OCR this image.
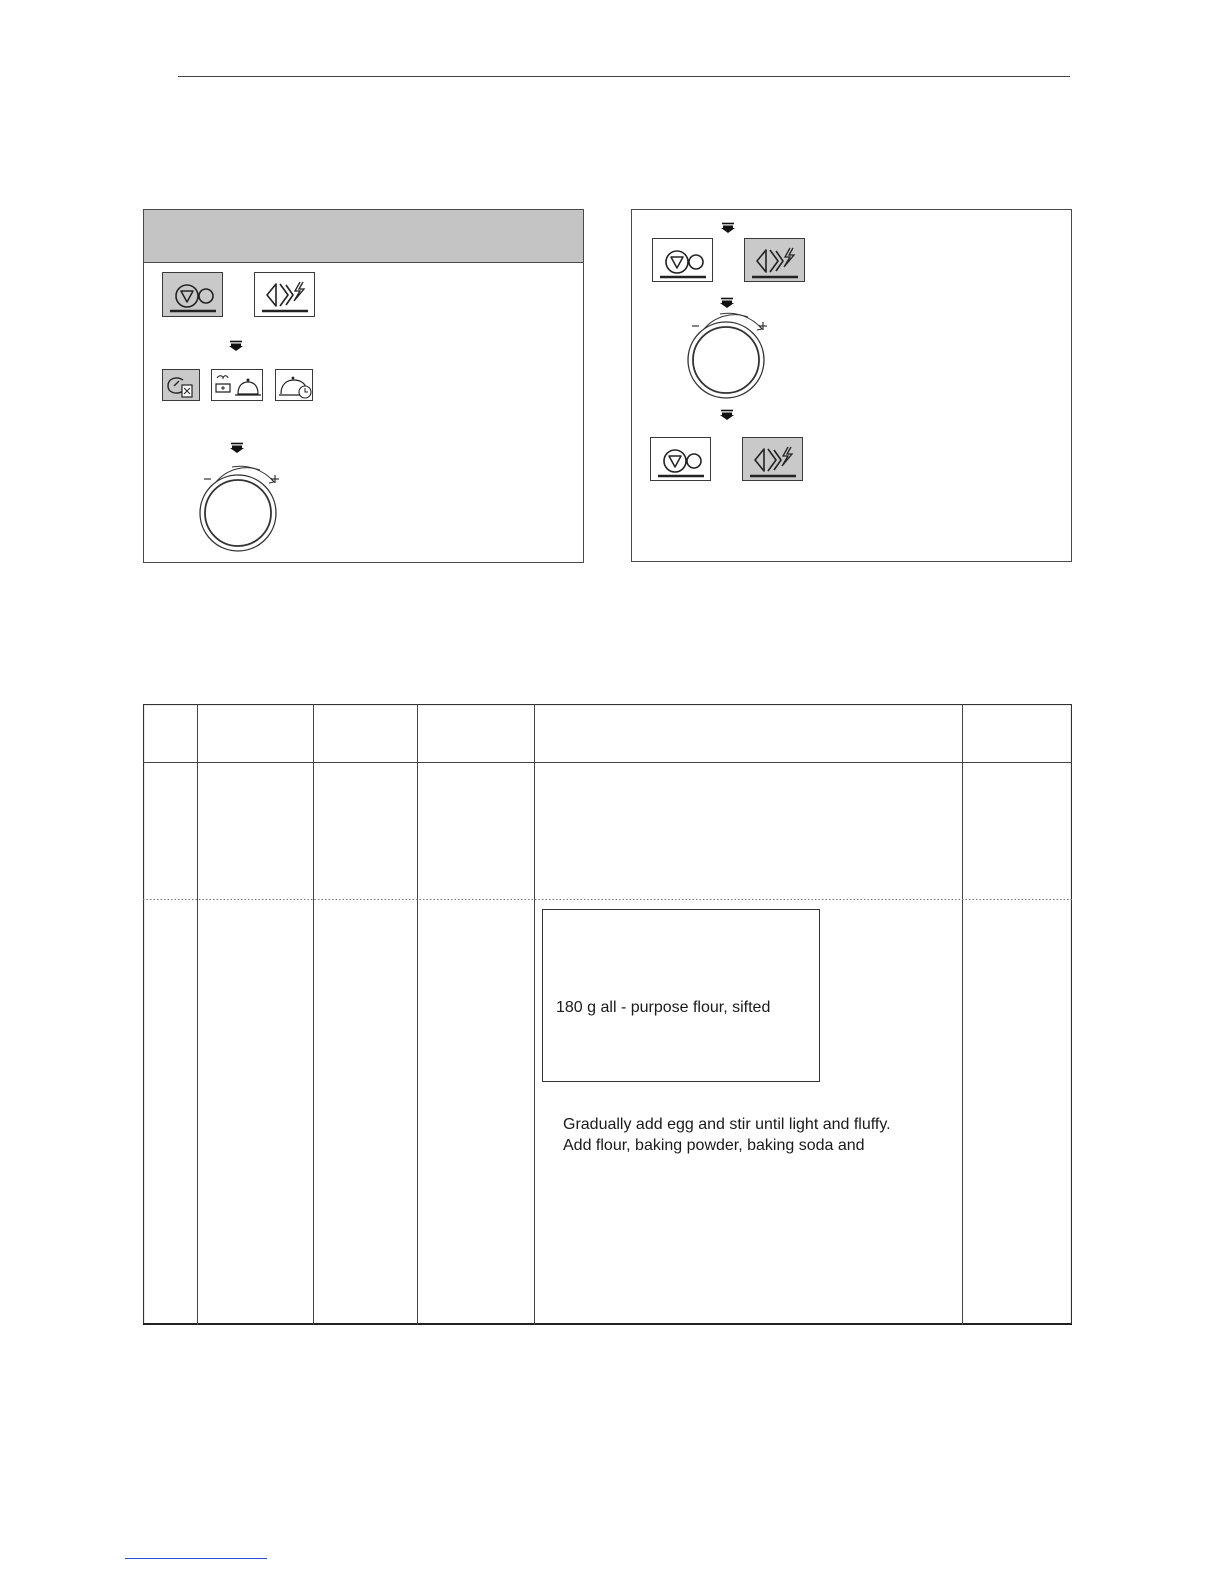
180 g all - purpose flour, sifted
Gradually add egg and stir until light and fluffy.
Add flour, baking powder, baking soda and
